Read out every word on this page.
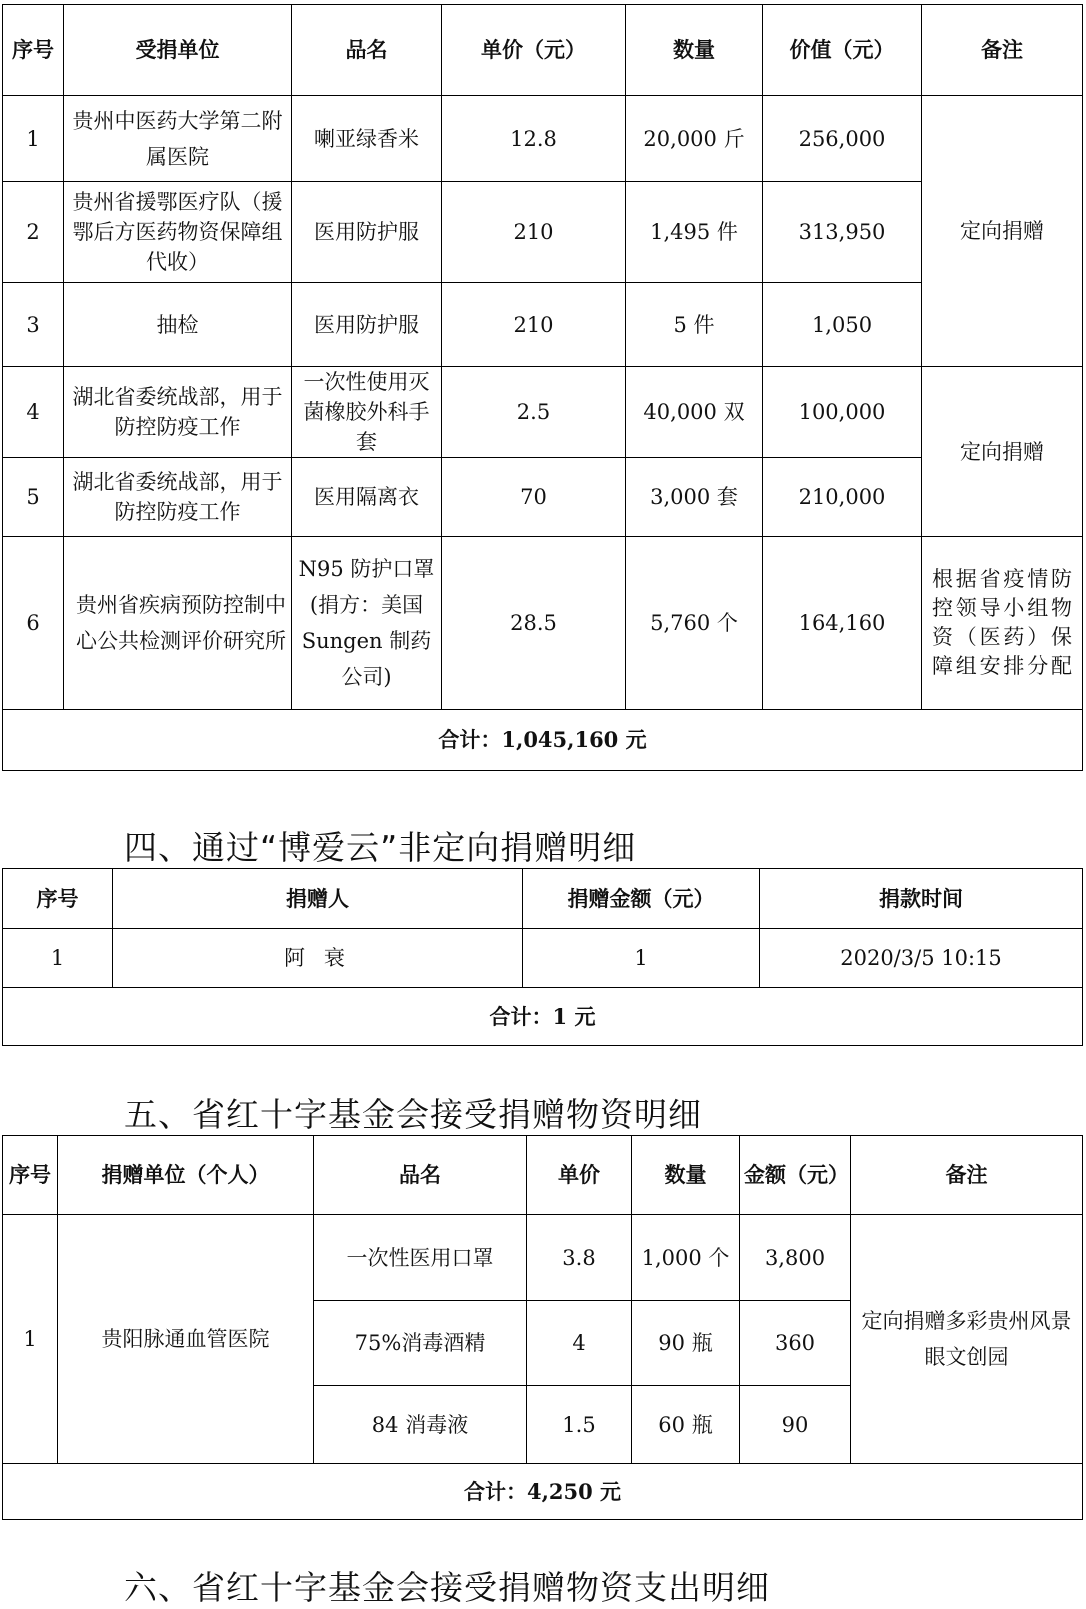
序号	受捐单位	品名	单价（元）	数量	价值（元）	备注
1	贵州中医药大学第二附属医院	喇亚绿香米	12.8	20,000 斤	256,000	定向捐赠
2	贵州省援鄂医疗队（援鄂后方医药物资保障组代收）	医用防护服	210	1,495 件	313,950	
3	抽检	医用防护服	210	5 件	1,050	
4	湖北省委统战部，用于防控防疫工作	一次性使用灭菌橡胶外科手套	2.5	40,000 双	100,000	定向捐赠
5	湖北省委统战部，用于防控防疫工作	医用隔离衣	70	3,000 套	210,000	
6	贵州省疾病预防控制中心公共检测评价研究所	N95 防护口罩(捐方：美国 Sungen 制药公司)	28.5	5,760 个	164,160	根据省疫情防控领导小组物资（医药）保障组安排分配
合计：1,045,160 元						
四、通过“博爱云”非定向捐赠明细
序号	捐赠人	捐赠金额（元）	捐款时间
1	阿 衰	1	2020/3/5 10:15
合计：1 元			
五、省红十字基金会接受捐赠物资明细
序号	捐赠单位（个人）	品名	单价	数量	金额（元）	备注
1	贵阳脉通血管医院	一次性医用口罩	3.8	1,000 个	3,800	定向捐赠多彩贵州风景眼文创园
		75%消毒酒精	4	90 瓶	360	
		84 消毒液	1.5	60 瓶	90	
合计：4,250 元						
六、省红十字基金会接受捐赠物资支出明细
